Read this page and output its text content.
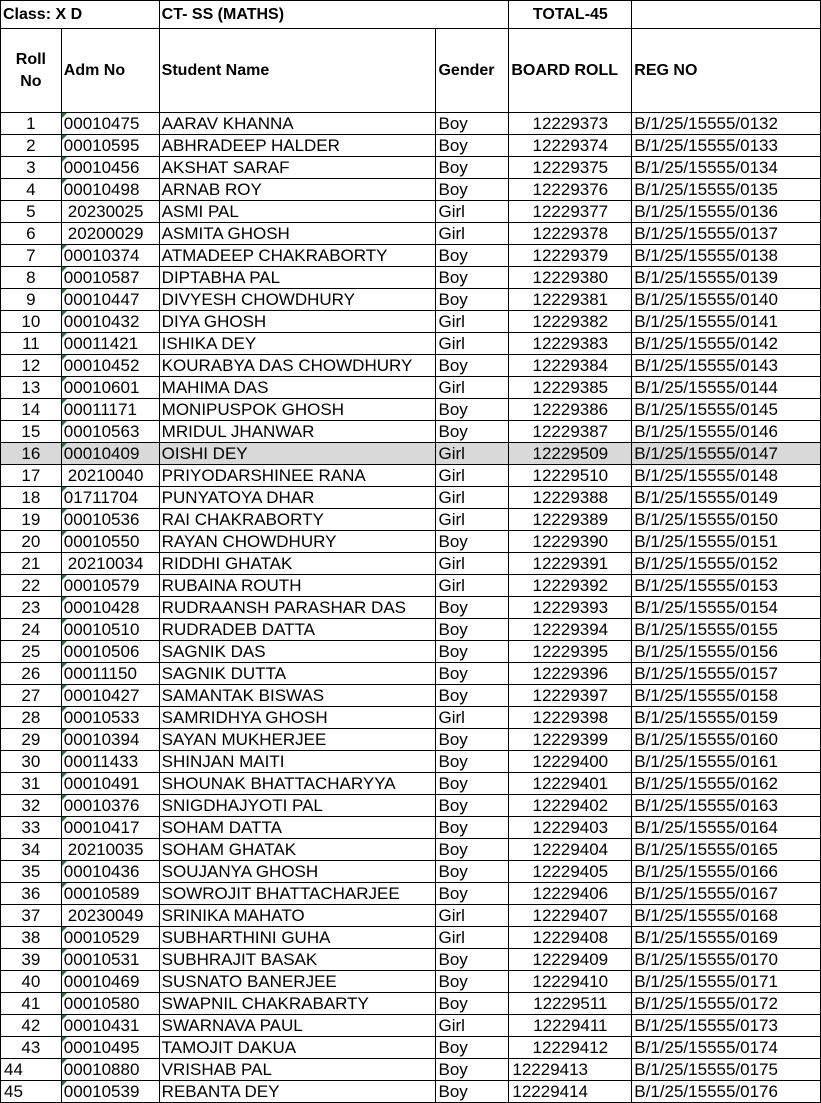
Class: X D		CT- SS (MATHS)		TOTAL-45	
Roll No	Adm No	Student Name	Gender	BOARD ROLL	REG NO
1	00010475	AARAV KHANNA	Boy	12229373	B/1/25/15555/0132
2	00010595	ABHRADEEP HALDER	Boy	12229374	B/1/25/15555/0133
3	00010456	AKSHAT SARAF	Boy	12229375	B/1/25/15555/0134
4	00010498	ARNAB ROY	Boy	12229376	B/1/25/15555/0135
5	20230025	ASMI PAL	Girl	12229377	B/1/25/15555/0136
6	20200029	ASMITA GHOSH	Girl	12229378	B/1/25/15555/0137
7	00010374	ATMADEEP CHAKRABORTY	Boy	12229379	B/1/25/15555/0138
8	00010587	DIPTABHA PAL	Boy	12229380	B/1/25/15555/0139
9	00010447	DIVYESH CHOWDHURY	Boy	12229381	B/1/25/15555/0140
10	00010432	DIYA GHOSH	Girl	12229382	B/1/25/15555/0141
11	00011421	ISHIKA DEY	Girl	12229383	B/1/25/15555/0142
12	00010452	KOURABYA DAS CHOWDHURY	Boy	12229384	B/1/25/15555/0143
13	00010601	MAHIMA DAS	Girl	12229385	B/1/25/15555/0144
14	00011171	MONIPUSPOK GHOSH	Boy	12229386	B/1/25/15555/0145
15	00010563	MRIDUL JHANWAR	Boy	12229387	B/1/25/15555/0146
16	00010409	OISHI DEY	Girl	12229509	B/1/25/15555/0147
17	20210040	PRIYODARSHINEE RANA	Girl	12229510	B/1/25/15555/0148
18	01711704	PUNYATOYA DHAR	Girl	12229388	B/1/25/15555/0149
19	00010536	RAI CHAKRABORTY	Girl	12229389	B/1/25/15555/0150
20	00010550	RAYAN CHOWDHURY	Boy	12229390	B/1/25/15555/0151
21	20210034	RIDDHI GHATAK	Girl	12229391	B/1/25/15555/0152
22	00010579	RUBAINA ROUTH	Girl	12229392	B/1/25/15555/0153
23	00010428	RUDRAANSH PARASHAR DAS	Boy	12229393	B/1/25/15555/0154
24	00010510	RUDRADEB DATTA	Boy	12229394	B/1/25/15555/0155
25	00010506	SAGNIK DAS	Boy	12229395	B/1/25/15555/0156
26	00011150	SAGNIK DUTTA	Boy	12229396	B/1/25/15555/0157
27	00010427	SAMANTAK BISWAS	Boy	12229397	B/1/25/15555/0158
28	00010533	SAMRIDHYA GHOSH	Girl	12229398	B/1/25/15555/0159
29	00010394	SAYAN MUKHERJEE	Boy	12229399	B/1/25/15555/0160
30	00011433	SHINJAN MAITI	Boy	12229400	B/1/25/15555/0161
31	00010491	SHOUNAK BHATTACHARYYA	Boy	12229401	B/1/25/15555/0162
32	00010376	SNIGDHAJYOTI PAL	Boy	12229402	B/1/25/15555/0163
33	00010417	SOHAM DATTA	Boy	12229403	B/1/25/15555/0164
34	20210035	SOHAM GHATAK	Boy	12229404	B/1/25/15555/0165
35	00010436	SOUJANYA GHOSH	Boy	12229405	B/1/25/15555/0166
36	00010589	SOWROJIT BHATTACHARJEE	Boy	12229406	B/1/25/15555/0167
37	20230049	SRINIKA MAHATO	Girl	12229407	B/1/25/15555/0168
38	00010529	SUBHARTHINI GUHA	Girl	12229408	B/1/25/15555/0169
39	00010531	SUBHRAJIT BASAK	Boy	12229409	B/1/25/15555/0170
40	00010469	SUSNATO BANERJEE	Boy	12229410	B/1/25/15555/0171
41	00010580	SWAPNIL CHAKRABARTY	Boy	12229511	B/1/25/15555/0172
42	00010431	SWARNAVA PAUL	Girl	12229411	B/1/25/15555/0173
43	00010495	TAMOJIT DAKUA	Boy	12229412	B/1/25/15555/0174
44	00010880	VRISHAB PAL	Boy	12229413	B/1/25/15555/0175
45	00010539	REBANTA DEY	Boy	12229414	B/1/25/15555/0176
